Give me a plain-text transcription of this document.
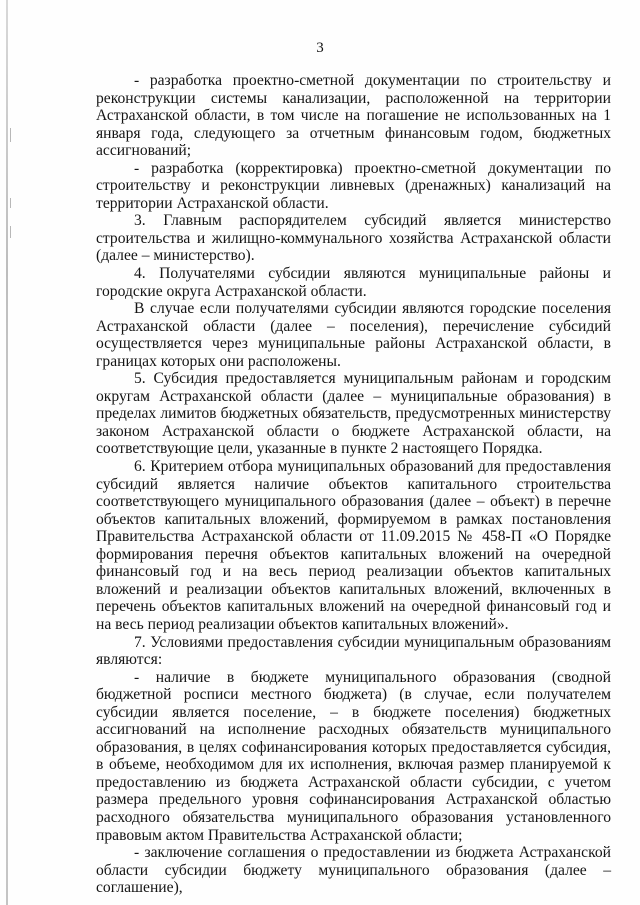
3

- разработка проектно-сметной документации по строительству и реконструкции системы канализации, расположенной на территории Астраханской области, в том числе на погашение не использованных на 1 января года, следующего за отчетным финансовым годом, бюджетных ассигнований;

- разработка (корректировка) проектно-сметной документации по строительству и реконструкции ливневых (дренажных) канализаций на территории Астраханской области.

3. Главным распорядителем субсидий является министерство строительства и жилищно-коммунального хозяйства Астраханской области (далее – министерство).

4. Получателями субсидии являются муниципальные районы и городские округа Астраханской области.

В случае если получателями субсидии являются городские поселения Астраханской области (далее – поселения), перечисление субсидий осуществляется через муниципальные районы Астраханской области, в границах которых они расположены.

5. Субсидия предоставляется муниципальным районам и городским округам Астраханской области (далее – муниципальные образования) в пределах лимитов бюджетных обязательств, предусмотренных министерству законом Астраханской области о бюджете Астраханской области, на соответствующие цели, указанные в пункте 2 настоящего Порядка.

6. Критерием отбора муниципальных образований для предоставления субсидий является наличие объектов капитального строительства соответствующего муниципального образования (далее – объект) в перечне объектов капитальных вложений, формируемом в рамках постановления Правительства Астраханской области от 11.09.2015 № 458-П «О Порядке формирования перечня объектов капитальных вложений на очередной финансовый год и на весь период реализации объектов капитальных вложений и реализации объектов капитальных вложений, включенных в перечень объектов капитальных вложений на очередной финансовый год и на весь период реализации объектов капитальных вложений».

7. Условиями предоставления субсидии муниципальным образованиям являются:

- наличие в бюджете муниципального образования (сводной бюджетной росписи местного бюджета) (в случае, если получателем субсидии является поселение, – в бюджете поселения) бюджетных ассигнований на исполнение расходных обязательств муниципального образования, в целях софинансирования которых предоставляется субсидия, в объеме, необходимом для их исполнения, включая размер планируемой к предоставлению из бюджета Астраханской области субсидии, с учетом размера предельного уровня софинансирования Астраханской областью расходного обязательства муниципального образования установленного правовым актом Правительства Астраханской области;

- заключение соглашения о предоставлении из бюджета Астраханской области субсидии бюджету муниципального образования (далее – соглашение),
